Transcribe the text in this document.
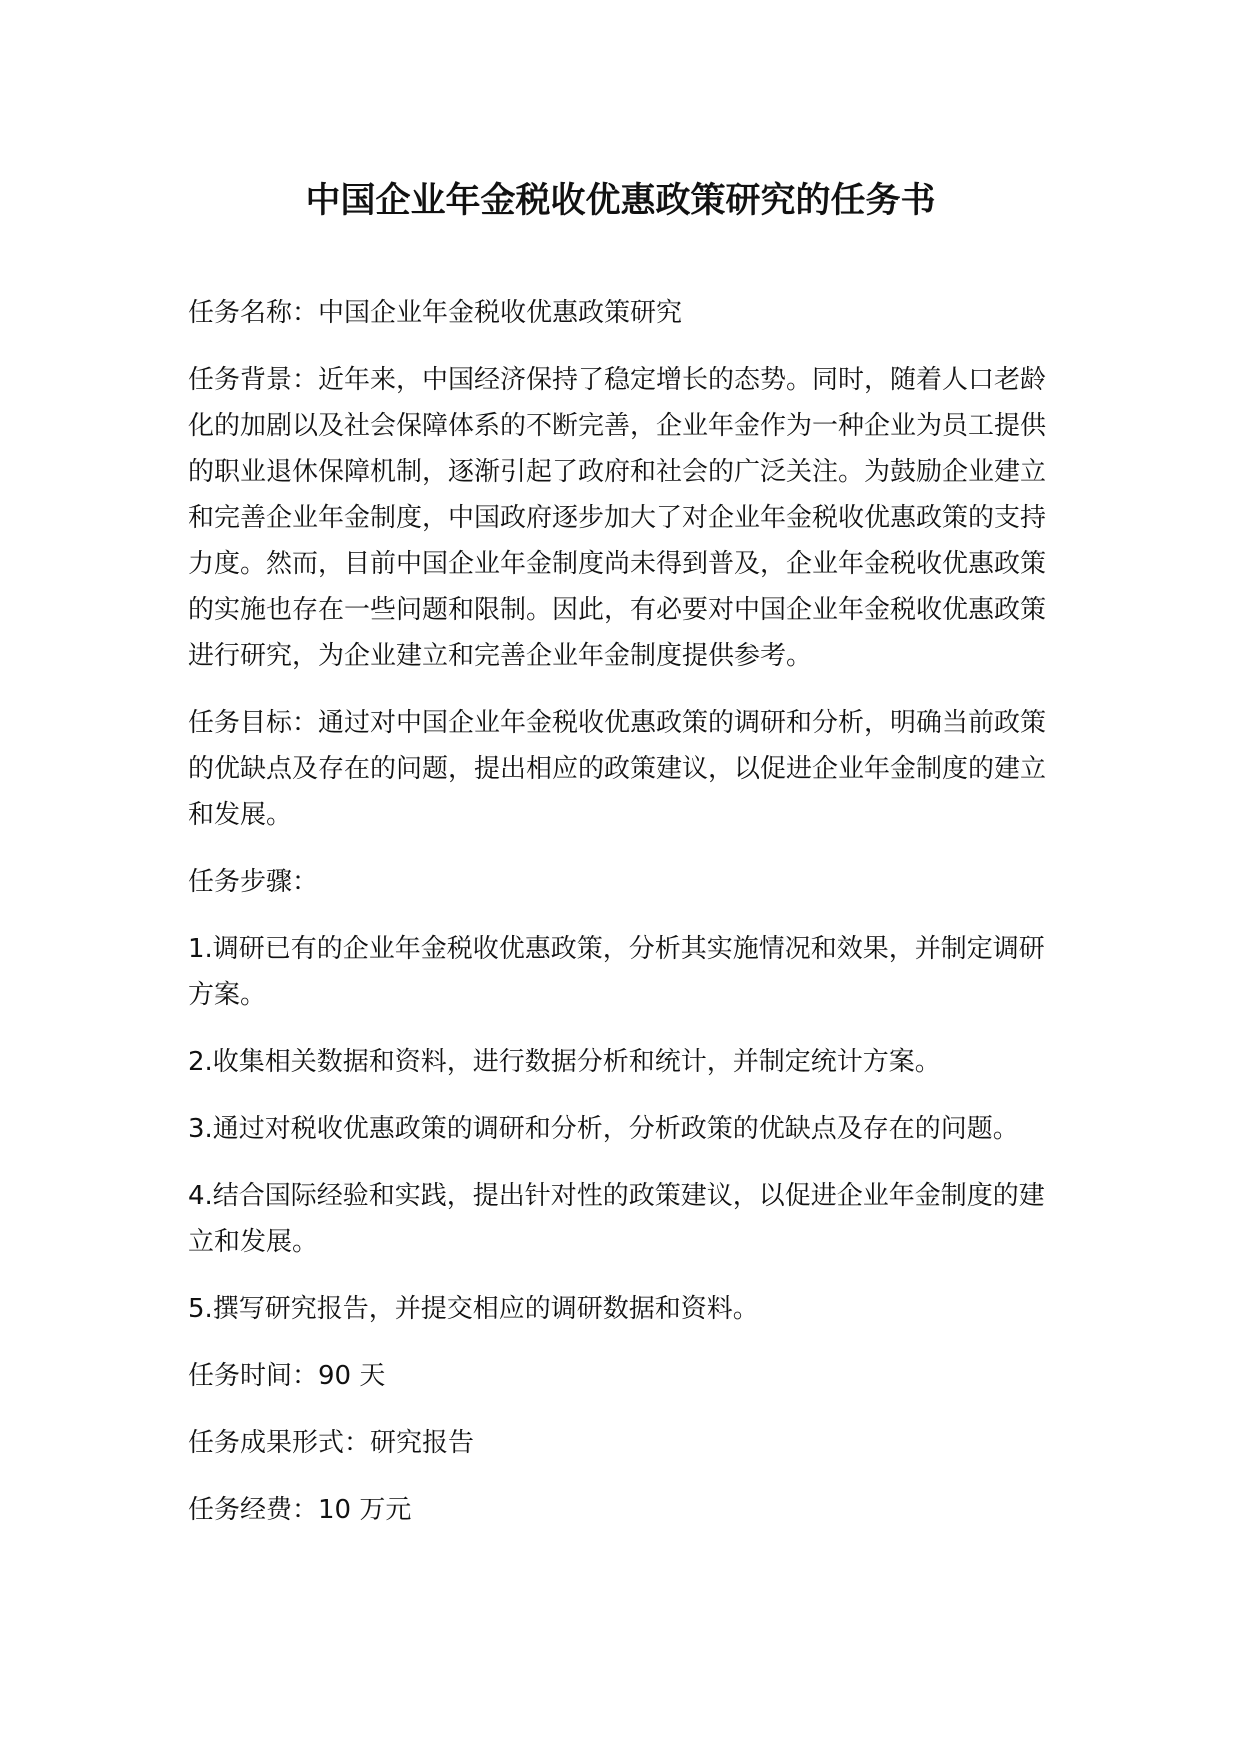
中国企业年金税收优惠政策研究的任务书

任务名称：中国企业年金税收优惠政策研究

任务背景：近年来，中国经济保持了稳定增长的态势。同时，随着人口老龄化的加剧以及社会保障体系的不断完善，企业年金作为一种企业为员工提供的职业退休保障机制，逐渐引起了政府和社会的广泛关注。为鼓励企业建立和完善企业年金制度，中国政府逐步加大了对企业年金税收优惠政策的支持力度。然而，目前中国企业年金制度尚未得到普及，企业年金税收优惠政策的实施也存在一些问题和限制。因此，有必要对中国企业年金税收优惠政策进行研究，为企业建立和完善企业年金制度提供参考。

任务目标：通过对中国企业年金税收优惠政策的调研和分析，明确当前政策的优缺点及存在的问题，提出相应的政策建议，以促进企业年金制度的建立和发展。

任务步骤：

1.调研已有的企业年金税收优惠政策，分析其实施情况和效果，并制定调研方案。

2.收集相关数据和资料，进行数据分析和统计，并制定统计方案。

3.通过对税收优惠政策的调研和分析，分析政策的优缺点及存在的问题。

4.结合国际经验和实践，提出针对性的政策建议，以促进企业年金制度的建立和发展。

5.撰写研究报告，并提交相应的调研数据和资料。

任务时间：90 天

任务成果形式：研究报告

任务经费：10 万元
